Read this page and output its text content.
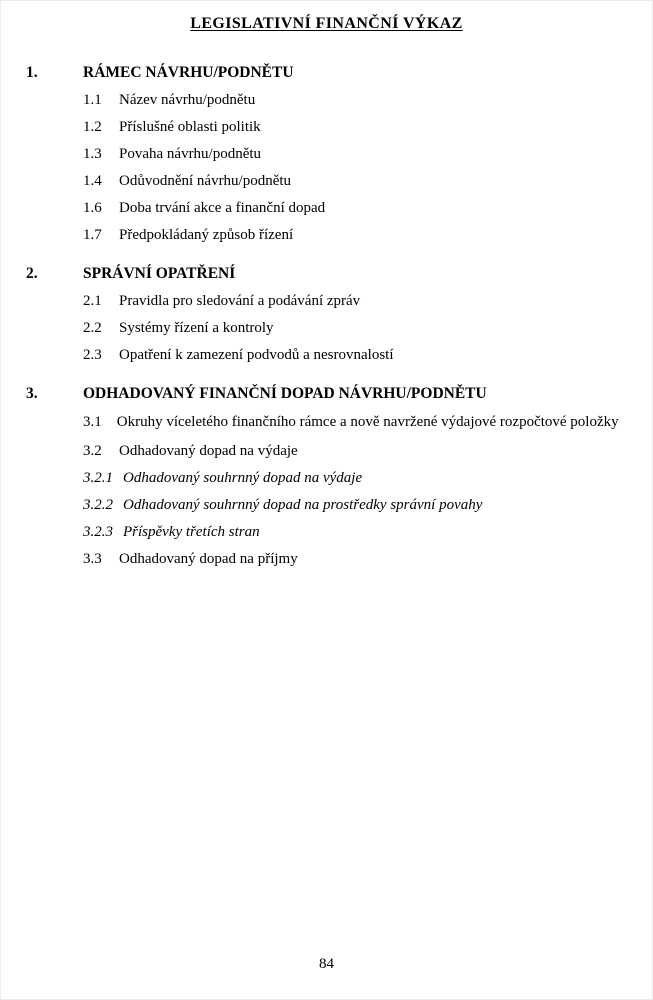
LEGISLATIVNÍ FINANČNÍ VÝKAZ
1.	RÁMEC NÁVRHU/PODNĚTU
1.1	Název návrhu/podnětu
1.2	Příslušné oblasti politik
1.3	Povaha návrhu/podnětu
1.4	Odůvodnění návrhu/podnětu
1.6	Doba trvání akce a finanční dopad
1.7	Předpokládaný způsob řízení
2.	SPRÁVNÍ OPATŘENÍ
2.1	Pravidla pro sledování a podávání zpráv
2.2	Systémy řízení a kontroly
2.3	Opatření k zamezení podvodů a nesrovnalostí
3.	ODHADOVANÝ FINANČNÍ DOPAD NÁVRHU/PODNĚTU

3.1 Okruhy víceletého finančního rámce a nově navržené výdajové rozpočtové položky

3.2	Odhadovaný dopad na výdaje
3.2.1 Odhadovaný souhrnný dopad na výdaje
3.2.2 Odhadovaný souhrnný dopad na prostředky správní povahy
3.2.3 Příspěvky třetích stran
3.3	Odhadovaný dopad na příjmy
84
